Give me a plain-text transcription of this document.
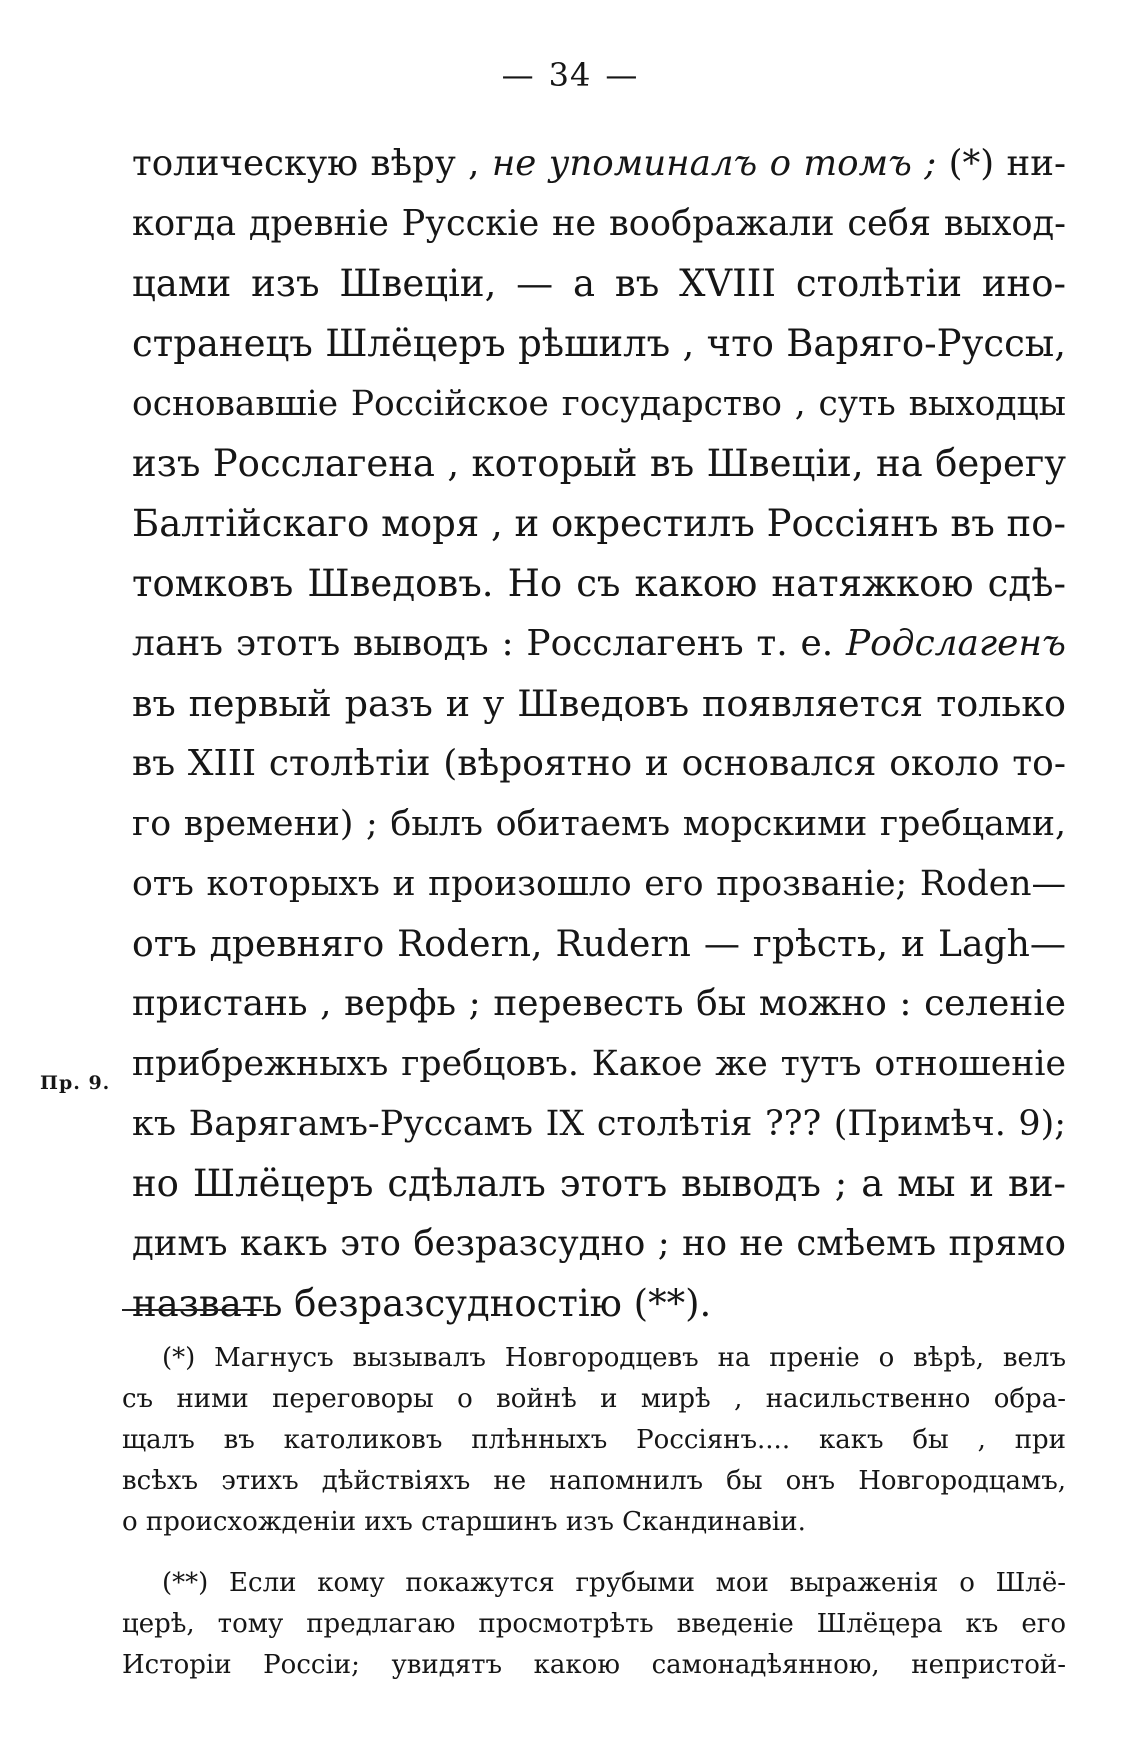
— 34 —
толическую вѣру , не упоминалъ о томъ ; (*) ни-
когда древніе Русскіе не воображали себя выход-
цами изъ Швеціи, — а въ XVIII столѣтіи ино-
странецъ Шлёцеръ рѣшилъ , что Варяго-Руссы,
основавшіе Россійское государство , суть выходцы
изъ Росслагена , который въ Швеціи, на берегу
Балтійскаго моря , и окрестилъ Россіянъ въ по-
томковъ Шведовъ. Но съ какою натяжкою сдѣ-
ланъ этотъ выводъ : Росслагенъ т. е. Родслагенъ
въ первый разъ и у Шведовъ появляется только
въ XIII столѣтіи (вѣроятно и основался около то-
го времени) ; былъ обитаемъ морскими гребцами,
отъ которыхъ и произошло его прозваніе; Roden—
отъ древняго Rodern, Rudern — грѣсть, и Lagh—
пристань , верфь ; перевесть бы можно : селеніе
прибрежныхъ гребцовъ. Какое же тутъ отношеніе
къ Варягамъ-Руссамъ IX столѣтія ??? (Примѣч. 9);
но Шлёцеръ сдѣлалъ этотъ выводъ ; а мы и ви-
димъ какъ это безразсудно ; но не смѣемъ прямо
назвать безразсудностію (**).
Пр. 9.
(*) Магнусъ вызывалъ Новгородцевъ на преніе о вѣрѣ, велъ
съ ними переговоры о войнѣ и мирѣ , насильственно обра-
щалъ въ католиковъ плѣнныхъ Россіянъ.... какъ бы , при
всѣхъ этихъ дѣйствіяхъ не напомнилъ бы онъ Новгородцамъ,
о происхожденіи ихъ старшинъ изъ Скандинавіи.
(**) Если кому покажутся грубыми мои выраженія о Шлё-
церѣ, тому предлагаю просмотрѣть введеніе Шлёцера къ его
Исторіи Россіи; увидятъ какою самонадѣянною, непристой-
